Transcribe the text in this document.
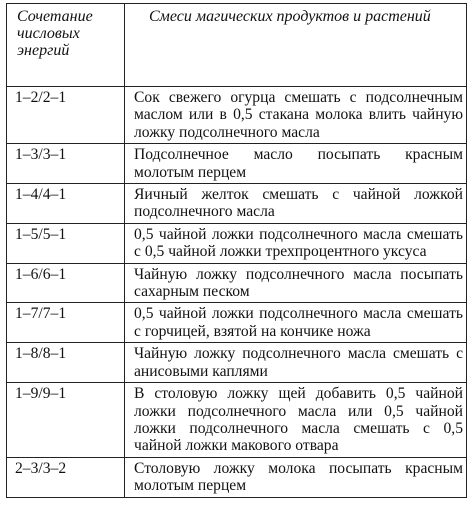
Сочетание числовых энергий	Смеси магических продуктов и растений
1–2/2–1	Сок свежего огурца смешать с подсолнечным маслом или в 0,5 стакана молока влить чайную ложку подсолнечного масла
1–3/3–1	Подсолнечное масло посыпать красным молотым перцем
1–4/4–1	Яичный желток смешать с чайной ложкой подсолнечного масла
1–5/5–1	0,5 чайной ложки подсолнечного масла смешать с 0,5 чайной ложки трехпроцентного уксуса
1–6/6–1	Чайную ложку подсолнечного масла посыпать сахарным песком
1–7/7–1	0,5 чайной ложки подсолнечного масла смешать с горчицей, взятой на кончике ножа
1–8/8–1	Чайную ложку подсолнечного масла смешать с анисовыми каплями
1–9/9–1	В столовую ложку щей добавить 0,5 чайной ложки подсолнечного масла или 0,5 чайной ложки подсолнечного масла смешать с 0,5 чайной ложки макового отвара
2–3/3–2	Столовую ложку молока посыпать красным молотым перцем
